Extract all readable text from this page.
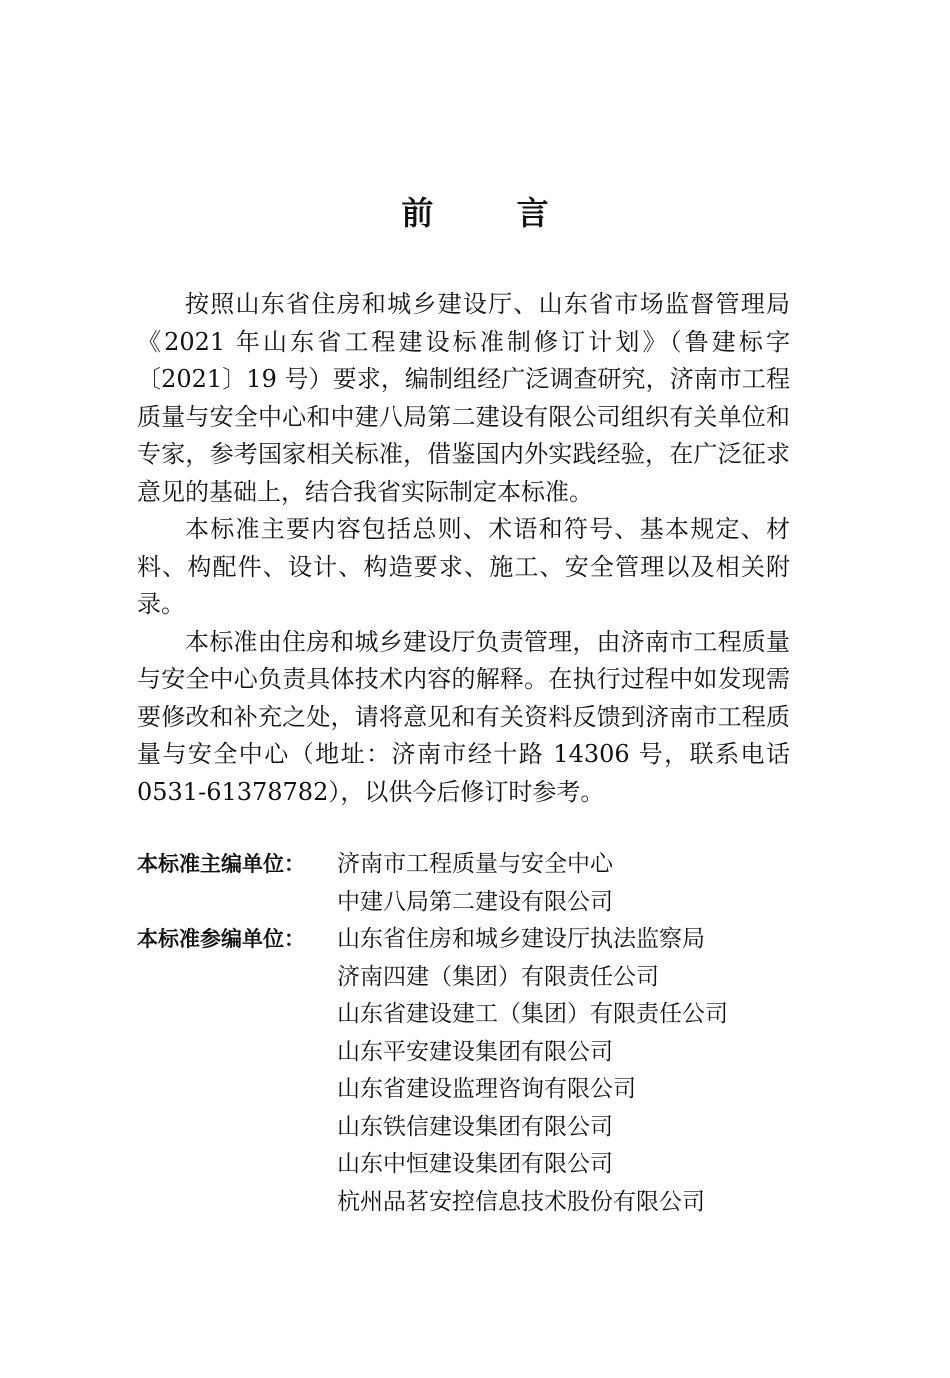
前 言

按照山东省住房和城乡建设厅、山东省市场监督管理局《2021 年山东省工程建设标准制修订计划》（鲁建标字〔2021〕19 号）要求，编制组经广泛调查研究，济南市工程质量与安全中心和中建八局第二建设有限公司组织有关单位和专家，参考国家相关标准，借鉴国内外实践经验，在广泛征求意见的基础上，结合我省实际制定本标准。

本标准主要内容包括总则、术语和符号、基本规定、材料、构配件、设计、构造要求、施工、安全管理以及相关附录。

本标准由住房和城乡建设厅负责管理，由济南市工程质量与安全中心负责具体技术内容的解释。在执行过程中如发现需要修改和补充之处，请将意见和有关资料反馈到济南市工程质量与安全中心（地址：济南市经十路 14306 号，联系电话 0531-61378782），以供今后修订时参考。

本标准主编单位：	济南市工程质量与安全中心
中建八局第二建设有限公司
本标准参编单位：	山东省住房和城乡建设厅执法监察局
济南四建（集团）有限责任公司
山东省建设建工（集团）有限责任公司
山东平安建设集团有限公司
山东省建设监理咨询有限公司
山东铁信建设集团有限公司
山东中恒建设集团有限公司
杭州品茗安控信息技术股份有限公司
